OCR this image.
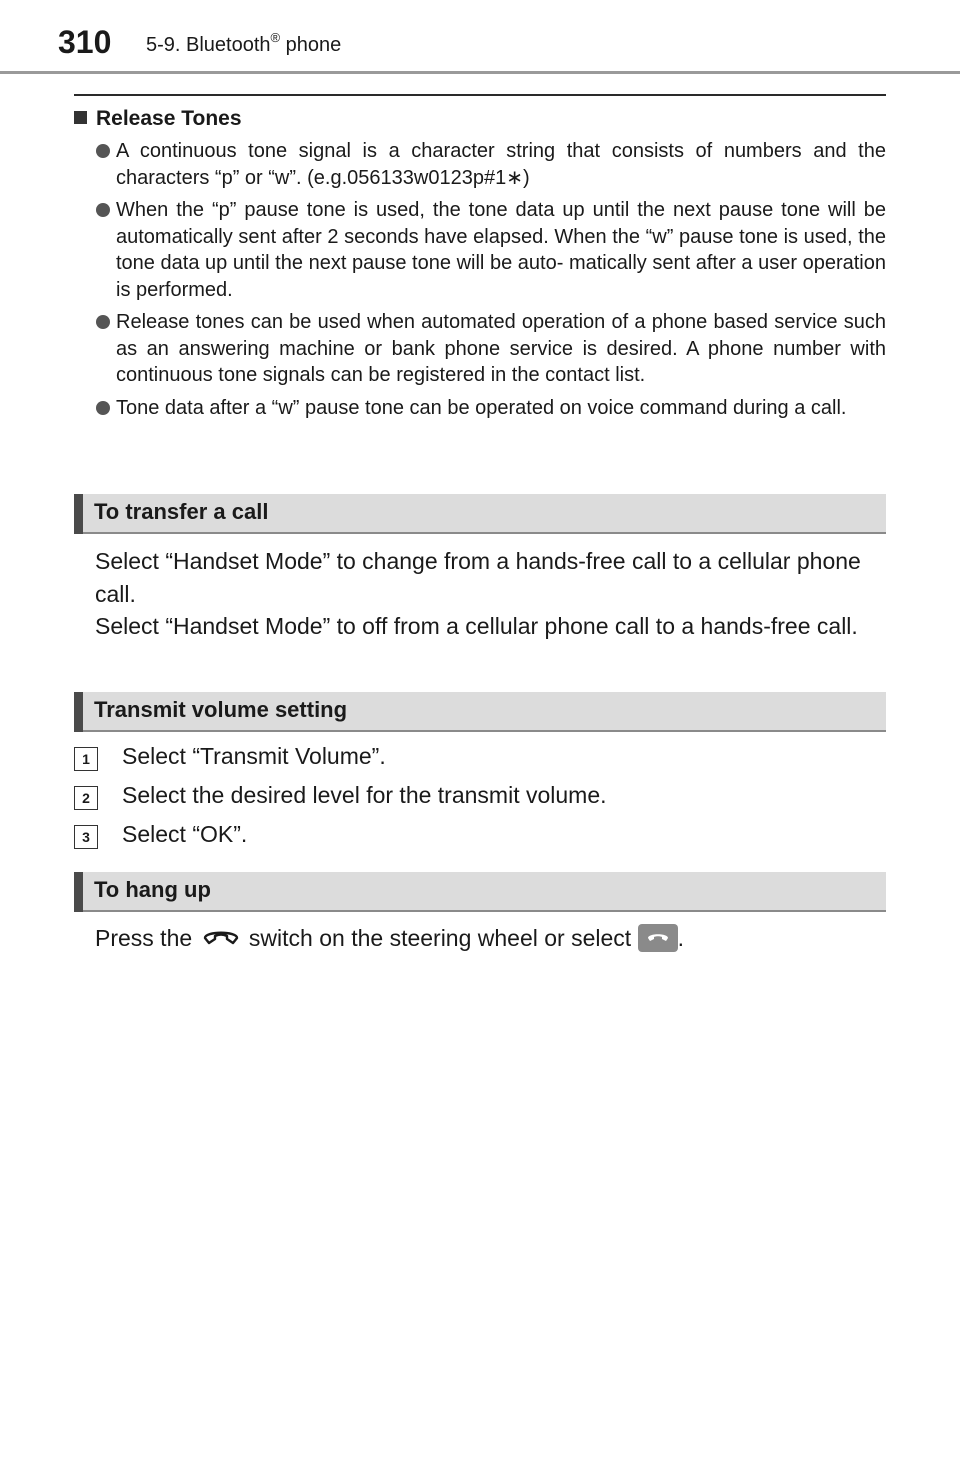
310 5-9. Bluetooth® phone
Release Tones
A continuous tone signal is a character string that consists of numbers and the characters “p” or “w”. (e.g.056133w0123p#1∗)
When the “p” pause tone is used, the tone data up until the next pause tone will be automatically sent after 2 seconds have elapsed. When the “w” pause tone is used, the tone data up until the next pause tone will be auto- matically sent after a user operation is performed.
Release tones can be used when automated operation of a phone based service such as an answering machine or bank phone service is desired. A phone number with continuous tone signals can be registered in the contact list.
Tone data after a “w” pause tone can be operated on voice command during a call.
To transfer a call
Select “Handset Mode” to change from a hands-free call to a cellular phone call.
Select “Handset Mode” to off from a cellular phone call to a hands-free call.
Transmit volume setting
1	Select “Transmit Volume”.
2	Select the desired level for the transmit volume.
3	Select “OK”.
To hang up
Press the  switch on the steering wheel or select .
